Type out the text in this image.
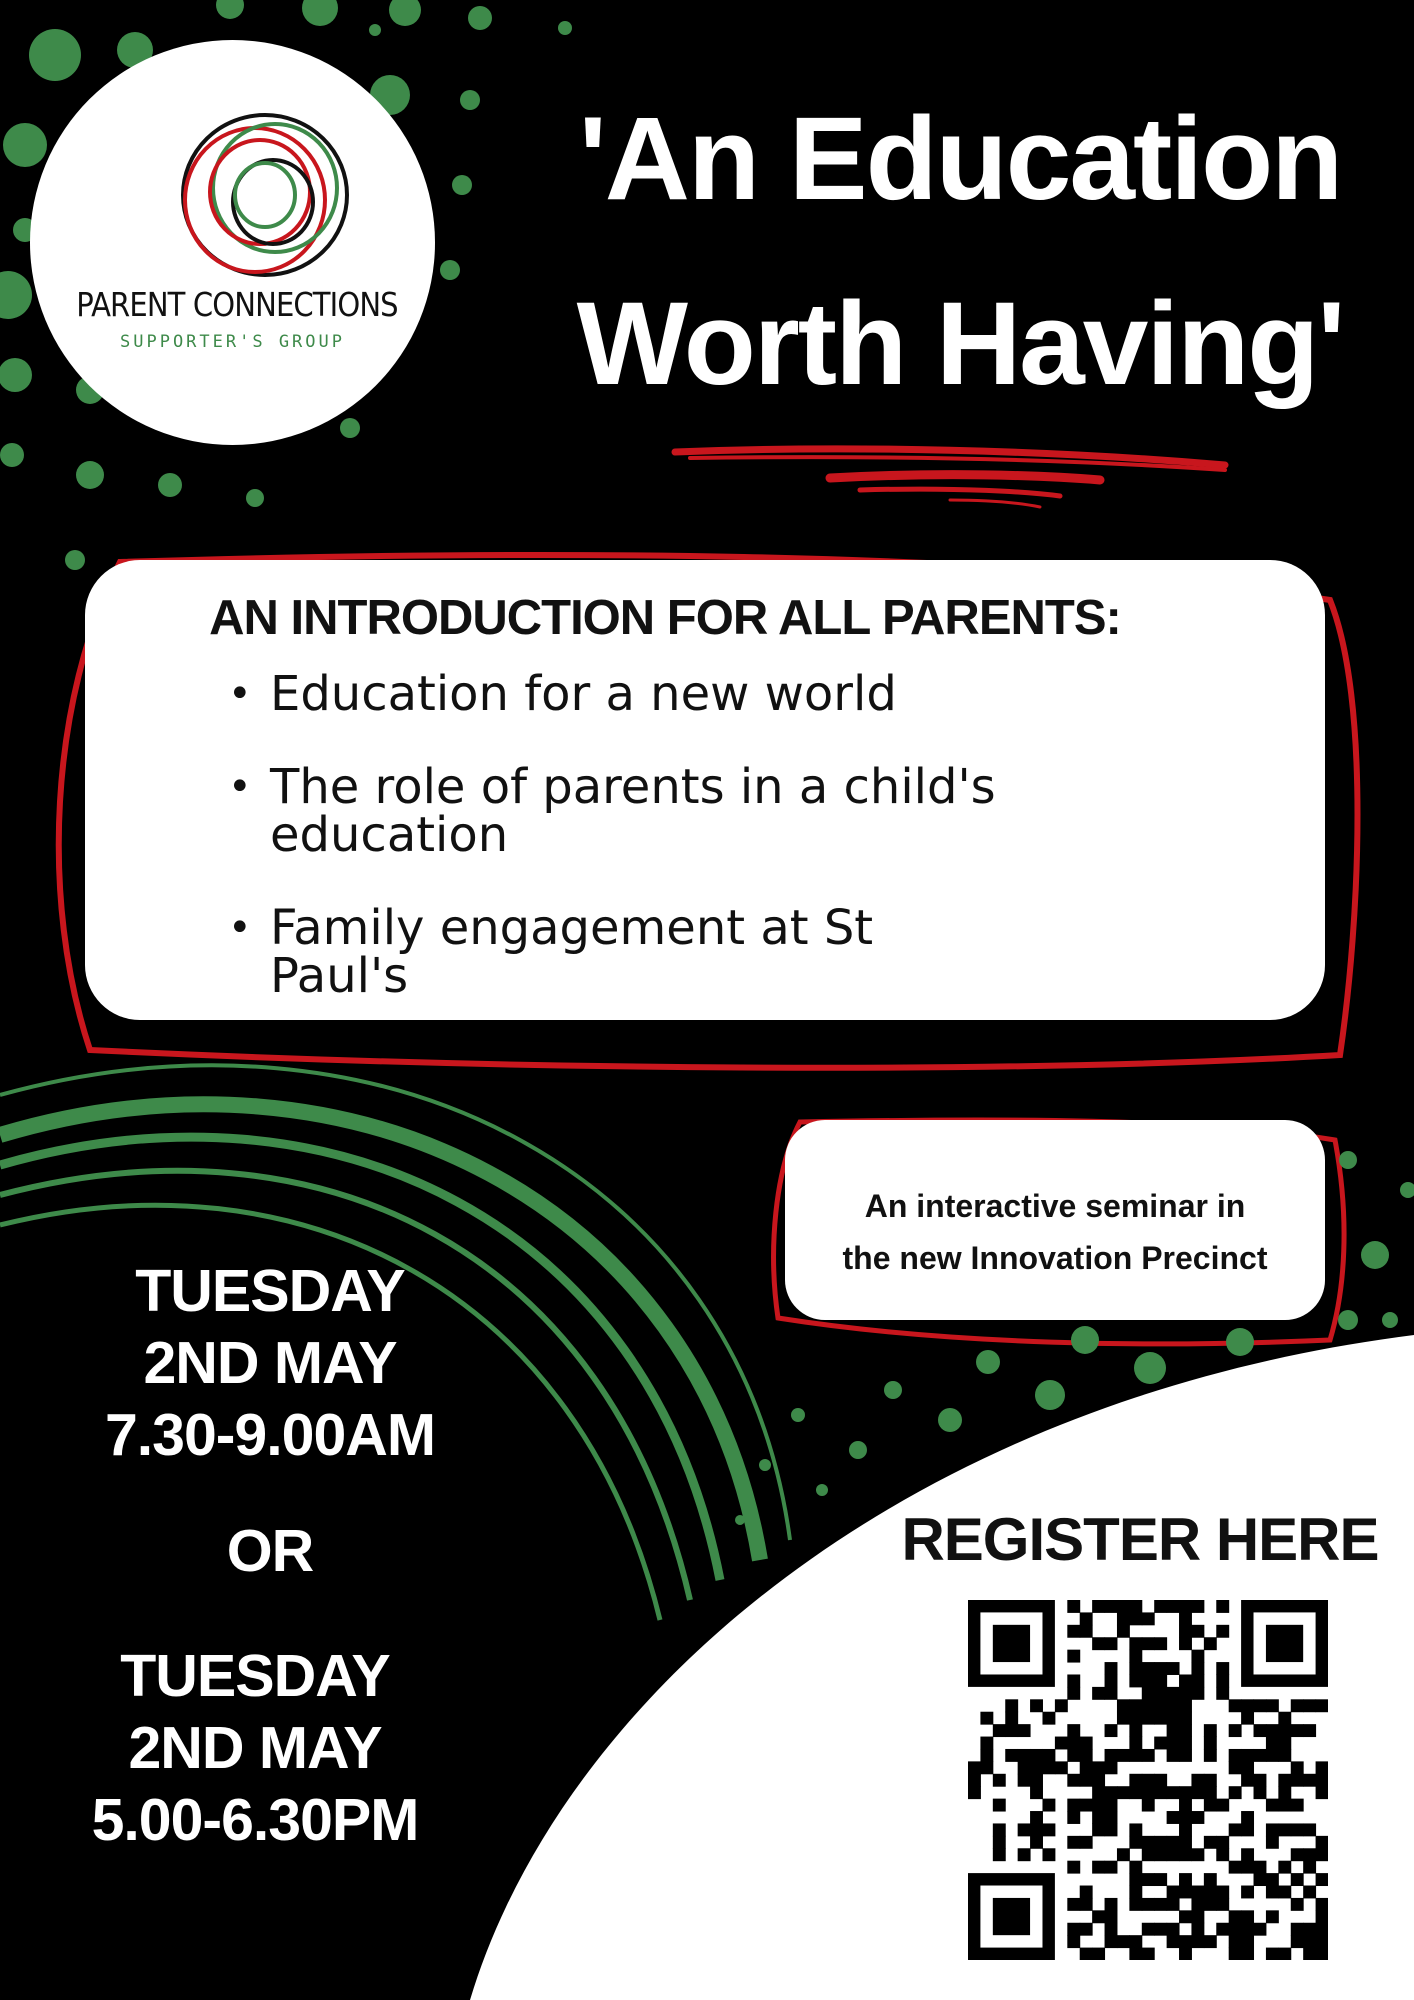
PARENT CONNECTIONS
SUPPORTER'S GROUP
'An Education
Worth Having'
AN INTRODUCTION FOR ALL PARENTS:
• Education for a new world
• The role of parents in a child's education
• Family engagement at St Paul's
An interactive seminar in
the new Innovation Precinct
TUESDAY
2ND MAY
7.30-9.00AM
OR
TUESDAY
2ND MAY
5.00-6.30PM
REGISTER HERE
